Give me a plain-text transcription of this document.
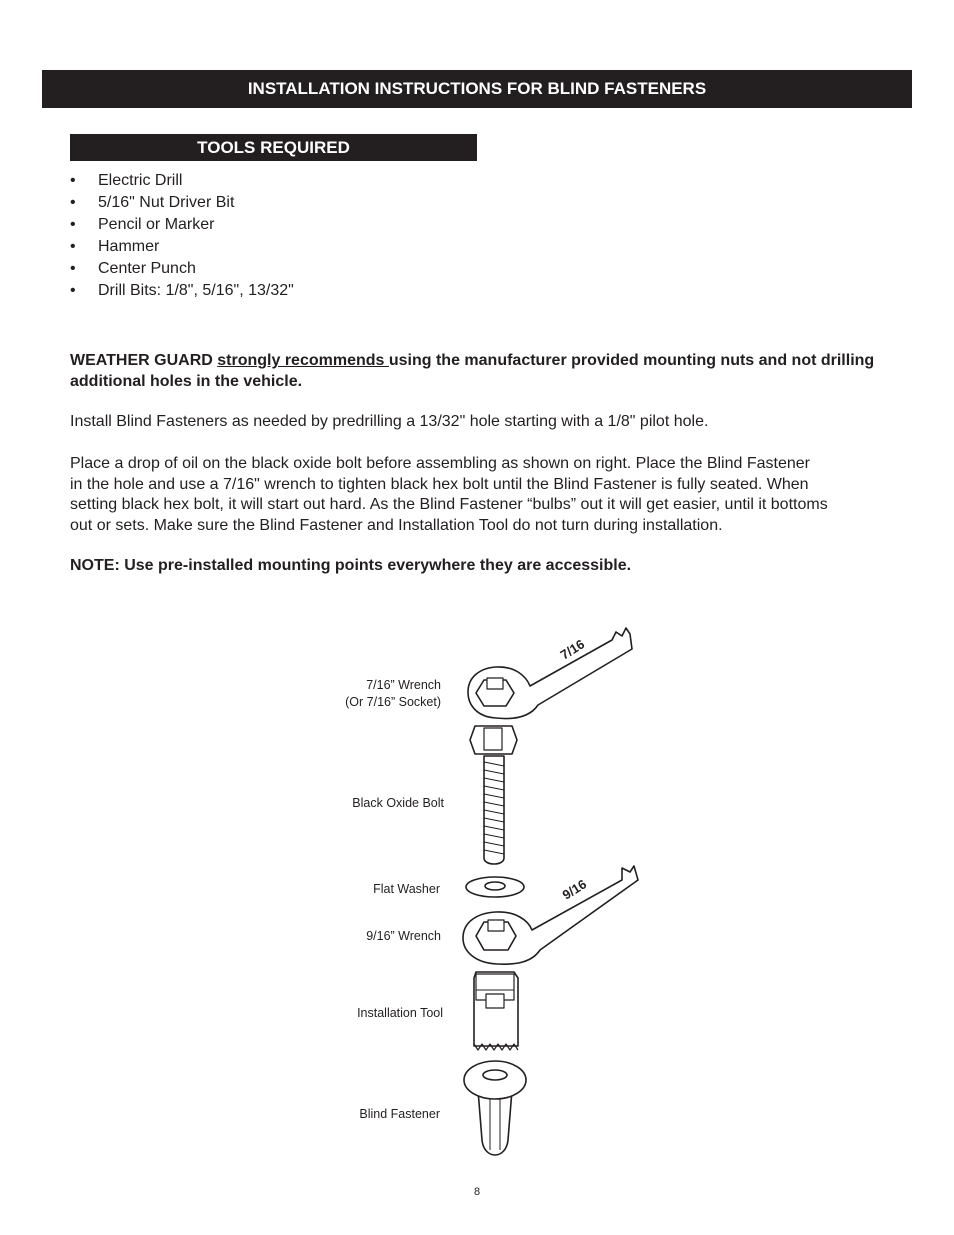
INSTALLATION INSTRUCTIONS FOR BLIND FASTENERS
TOOLS REQUIRED
•	Electric Drill
•	5/16" Nut Driver Bit
•	Pencil or Marker
•	Hammer
•	Center Punch
•	Drill Bits: 1/8", 5/16", 13/32"

WEATHER GUARD strongly recommends using the manufacturer provided mounting nuts and not drilling additional holes in the vehicle.

Install Blind Fasteners as needed by predrilling a 13/32" hole starting with a 1/8" pilot hole.

Place a drop of oil on the black oxide bolt before assembling as shown on right. Place the Blind Fastener
in the hole and use a 7/16" wrench to tighten black hex bolt until the Blind Fastener is fully seated. When
setting black hex bolt, it will start out hard. As the Blind Fastener “bulbs” out it will get easier, until it bottoms
out or sets. Make sure the Blind Fastener and Installation Tool do not turn during installation.

NOTE: Use pre-installed mounting points everywhere they are accessible.

7/16” Wrench
(Or 7/16” Socket)
Black Oxide Bolt
Flat Washer
9/16” Wrench
Installation Tool
Blind Fastener
7/16
9/16
8
